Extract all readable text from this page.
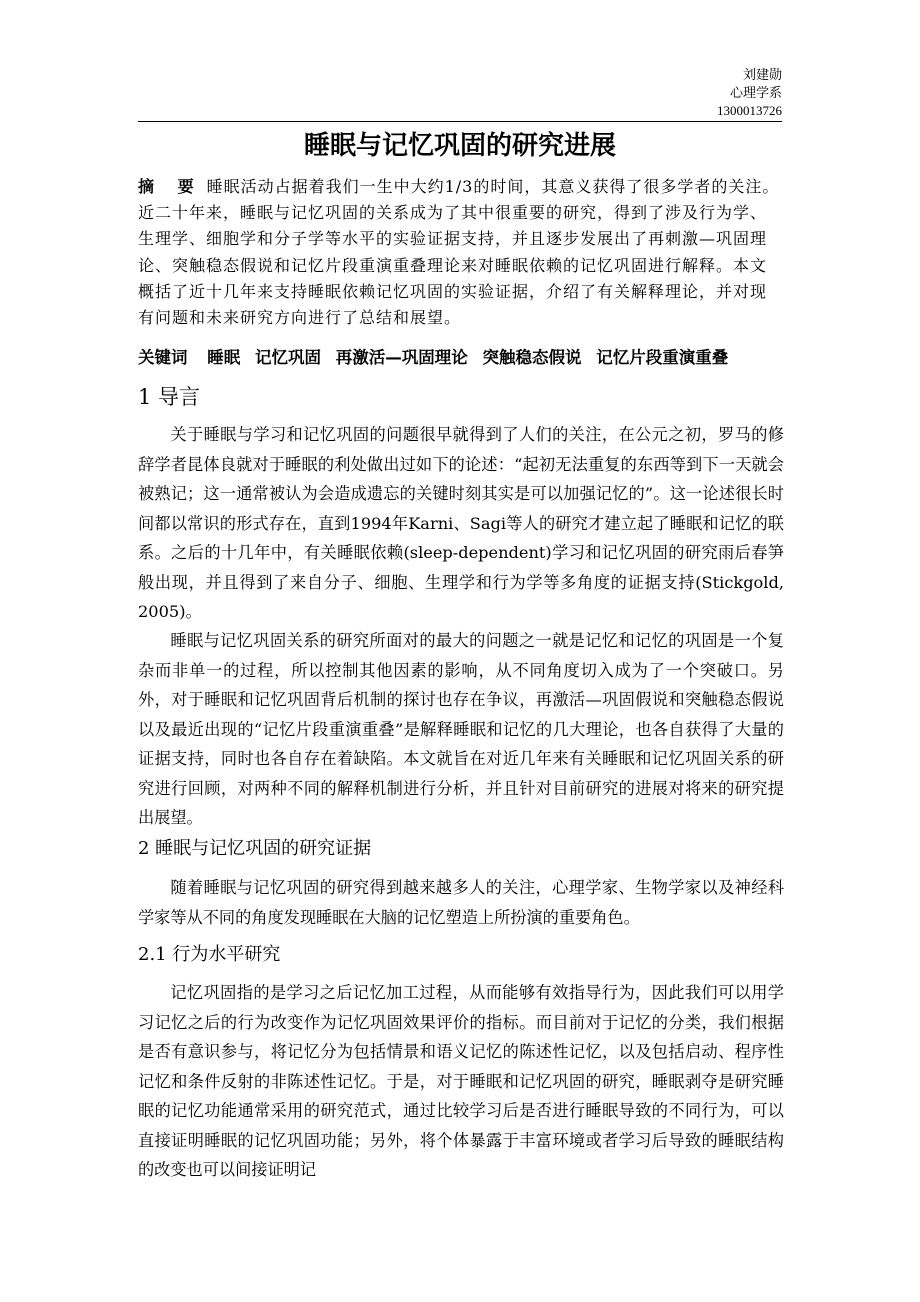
刘建勋
心理学系
1300013726
睡眠与记忆巩固的研究进展
摘 要 睡眠活动占据着我们一生中大约1/3的时间，其意义获得了很多学者的关注。近二十年来，睡眠与记忆巩固的关系成为了其中很重要的研究，得到了涉及行为学、生理学、细胞学和分子学等水平的实验证据支持，并且逐步发展出了再刺激—巩固理论、突触稳态假说和记忆片段重演重叠理论来对睡眠依赖的记忆巩固进行解释。本文概括了近十几年来支持睡眠依赖记忆巩固的实验证据，介绍了有关解释理论，并对现有问题和未来研究方向进行了总结和展望。
关键词 睡眠 记忆巩固 再激活—巩固理论 突触稳态假说 记忆片段重演重叠
1 导言
关于睡眠与学习和记忆巩固的问题很早就得到了人们的关注，在公元之初，罗马的修辞学者昆体良就对于睡眠的利处做出过如下的论述：“起初无法重复的东西等到下一天就会被熟记；这一通常被认为会造成遗忘的关键时刻其实是可以加强记忆的”。这一论述很长时间都以常识的形式存在，直到1994年Karni、Sagi等人的研究才建立起了睡眠和记忆的联系。之后的十几年中，有关睡眠依赖(sleep-dependent)学习和记忆巩固的研究雨后春笋般出现，并且得到了来自分子、细胞、生理学和行为学等多角度的证据支持(Stickgold, 2005)。
睡眠与记忆巩固关系的研究所面对的最大的问题之一就是记忆和记忆的巩固是一个复杂而非单一的过程，所以控制其他因素的影响，从不同角度切入成为了一个突破口。另外，对于睡眠和记忆巩固背后机制的探讨也存在争议，再激活—巩固假说和突触稳态假说以及最近出现的“记忆片段重演重叠”是解释睡眠和记忆的几大理论，也各自获得了大量的证据支持，同时也各自存在着缺陷。本文就旨在对近几年来有关睡眠和记忆巩固关系的研究进行回顾，对两种不同的解释机制进行分析，并且针对目前研究的进展对将来的研究提出展望。
2 睡眠与记忆巩固的研究证据
随着睡眠与记忆巩固的研究得到越来越多人的关注，心理学家、生物学家以及神经科学家等从不同的角度发现睡眠在大脑的记忆塑造上所扮演的重要角色。
2.1 行为水平研究
记忆巩固指的是学习之后记忆加工过程，从而能够有效指导行为，因此我们可以用学习记忆之后的行为改变作为记忆巩固效果评价的指标。而目前对于记忆的分类，我们根据是否有意识参与，将记忆分为包括情景和语义记忆的陈述性记忆，以及包括启动、程序性记忆和条件反射的非陈述性记忆。于是，对于睡眠和记忆巩固的研究，睡眠剥夺是研究睡眠的记忆功能通常采用的研究范式，通过比较学习后是否进行睡眠导致的不同行为，可以直接证明睡眠的记忆巩固功能；另外，将个体暴露于丰富环境或者学习后导致的睡眠结构的改变也可以间接证明记
